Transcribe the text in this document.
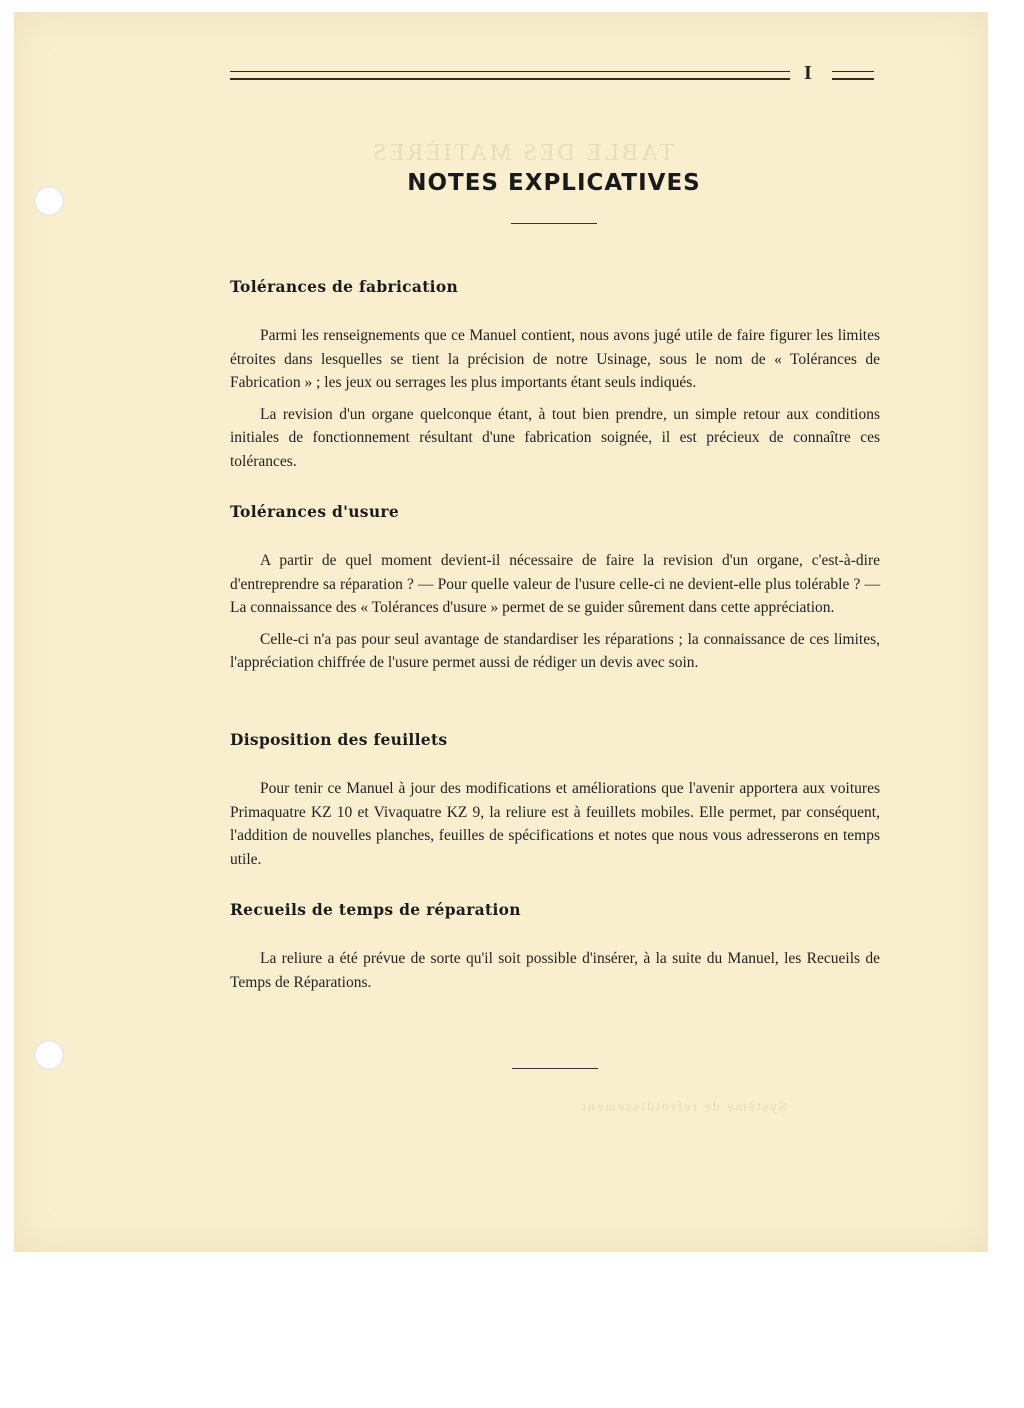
TABLE DES MATIÈRES
Système de refroidissement
I
NOTES EXPLICATIVES
Tolérances de fabrication

Parmi les renseignements que ce Manuel contient, nous avons jugé utile de faire figurer les limites étroites dans lesquelles se tient la précision de notre Usinage, sous le nom de « Tolérances de Fabrication » ; les jeux ou serrages les plus importants étant seuls indiqués.

La revision d'un organe quelconque étant, à tout bien prendre, un simple retour aux conditions initiales de fonctionnement résultant d'une fabrication soignée, il est précieux de connaître ces tolérances.

Tolérances d'usure

A partir de quel moment devient-il nécessaire de faire la revision d'un organe, c'est-à-dire d'entreprendre sa réparation ? — Pour quelle valeur de l'usure celle-ci ne devient-elle plus tolérable ? — La connaissance des « Tolérances d'usure » permet de se guider sûrement dans cette appréciation.

Celle-ci n'a pas pour seul avantage de standardiser les réparations ; la connaissance de ces limites, l'appréciation chiffrée de l'usure permet aussi de rédiger un devis avec soin.

Disposition des feuillets

Pour tenir ce Manuel à jour des modifications et améliorations que l'avenir apportera aux voitures Primaquatre KZ 10 et Vivaquatre KZ 9, la reliure est à feuillets mobiles. Elle permet, par conséquent, l'addition de nouvelles planches, feuilles de spécifications et notes que nous vous adresserons en temps utile.

Recueils de temps de réparation

La reliure a été prévue de sorte qu'il soit possible d'insérer, à la suite du Manuel, les Recueils de Temps de Réparations.
